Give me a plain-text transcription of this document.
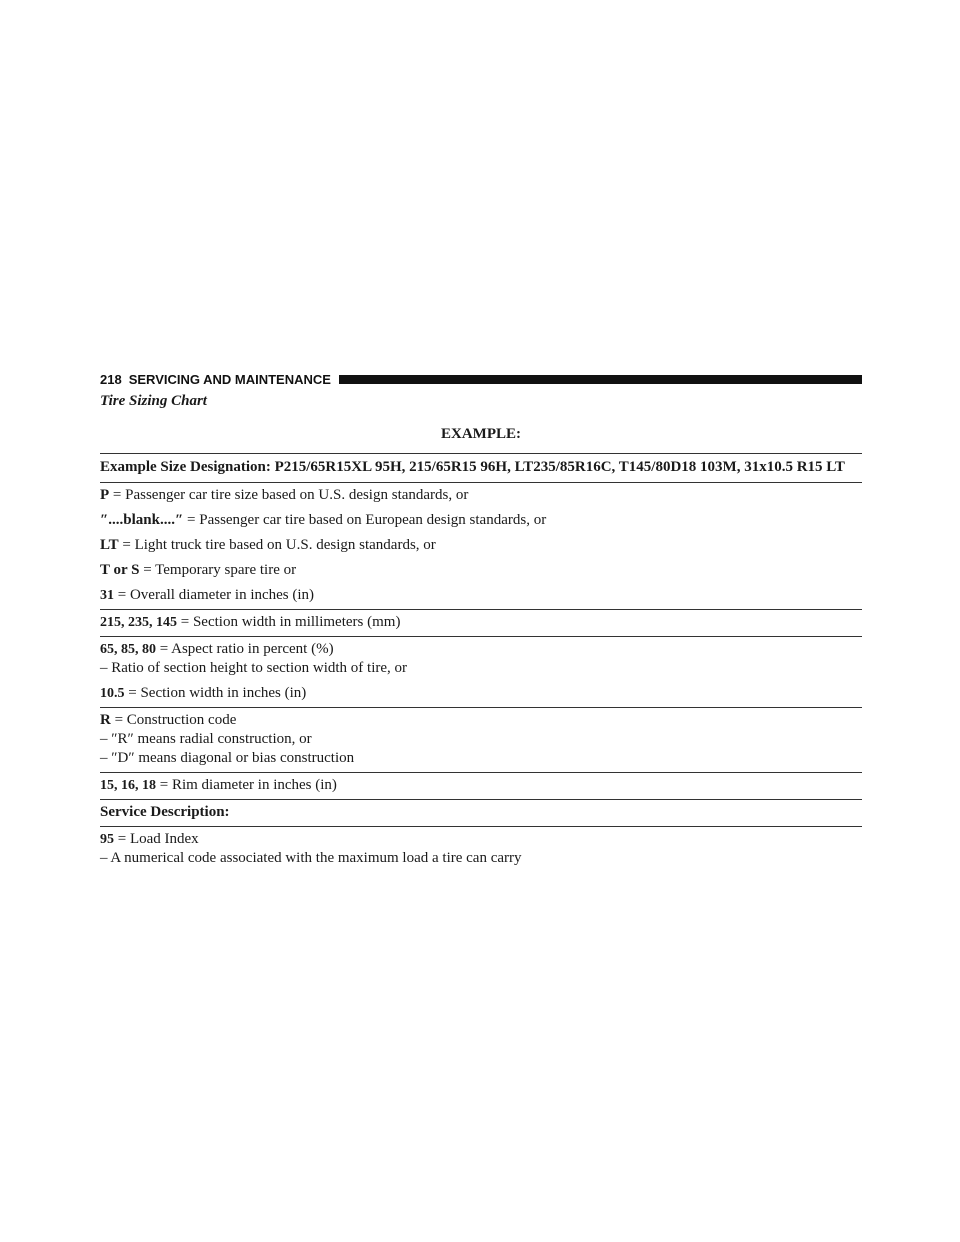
218 SERVICING AND MAINTENANCE
Tire Sizing Chart
EXAMPLE:
Example Size Designation: P215/65R15XL 95H, 215/65R15 96H, LT235/85R16C, T145/80D18 103M, 31x10.5 R15 LT
P = Passenger car tire size based on U.S. design standards, or
″....blank....″ = Passenger car tire based on European design standards, or
LT = Light truck tire based on U.S. design standards, or
T or S = Temporary spare tire or
31 = Overall diameter in inches (in)
215, 235, 145 = Section width in millimeters (mm)
65, 85, 80 = Aspect ratio in percent (%)
– Ratio of section height to section width of tire, or
10.5 = Section width in inches (in)
R = Construction code
– ″R″ means radial construction, or
– ″D″ means diagonal or bias construction
15, 16, 18 = Rim diameter in inches (in)
Service Description:
95 = Load Index
– A numerical code associated with the maximum load a tire can carry
